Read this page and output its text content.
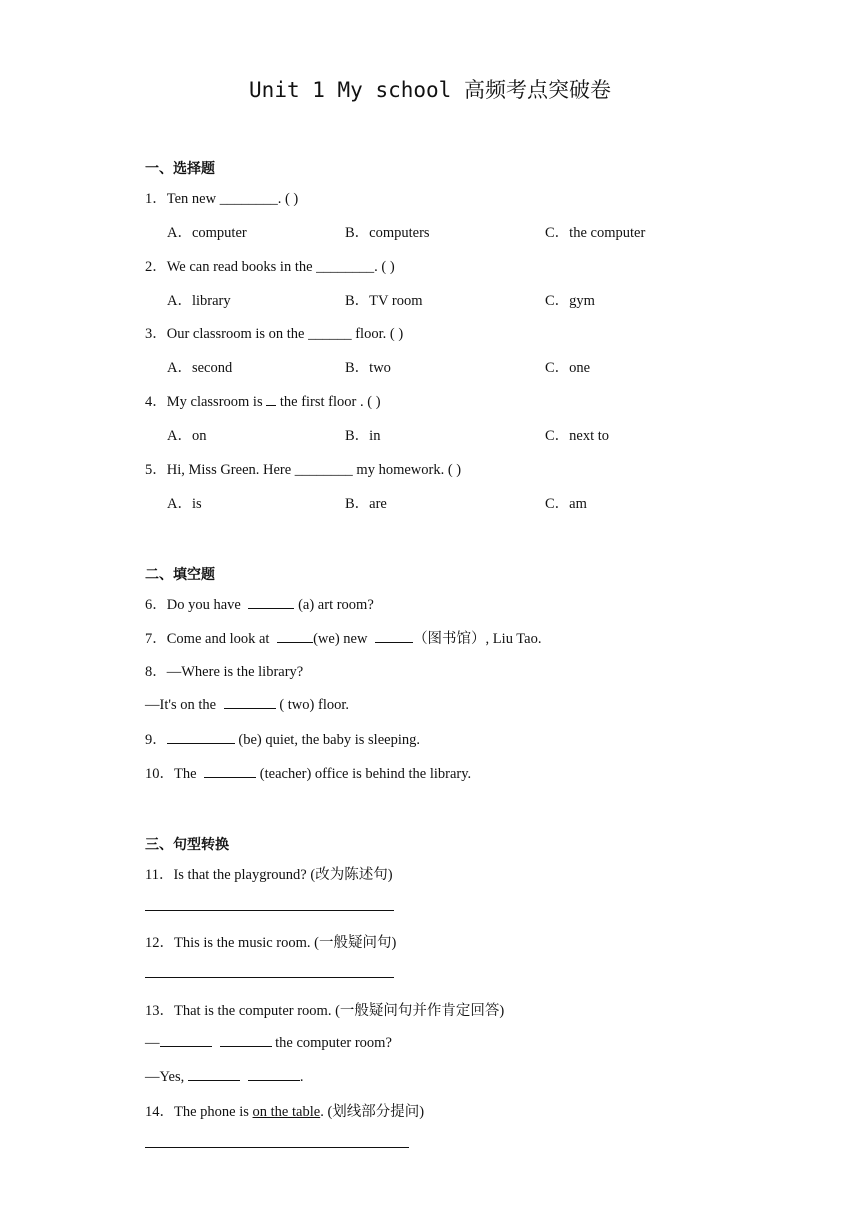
Unit 1 My school 高频考点突破卷
一、选择题
1．Ten new ________. ( )
A．computer	B．computers	C．the computer
2．We can read books in the ________. ( )
A．library	B．TV room	C．gym
3．Our classroom is on the ______ floor. ( )
A．second	B．two	C．one
4．My classroom is  the first floor . ( )
A．on	B．in	C．next to
5．Hi, Miss Green. Here ________ my homework. ( )
A．is	B．are	C．am
二、填空题
6．Do you have	(a) art room?
7．Come and look at	(we) new	（图书馆）, Liu Tao.
8．—Where is the library?
—It's on the	( two) floor.
9．	(be) quiet, the baby is sleeping.
10．The	(teacher) office is behind the library.
三、句型转换
11．Is that the playground? (改为陈述句)
12．This is the music room. (一般疑问句)
13．That is the computer room. (一般疑问句并作肯定回答)
—	the computer room?
—Yes,	.
14．The phone is on the table. (划线部分提问)
